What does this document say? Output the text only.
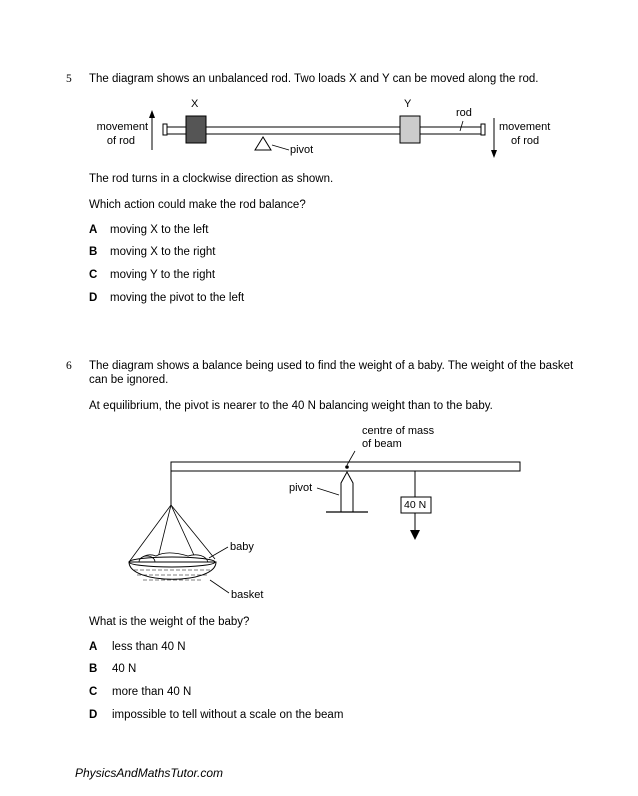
5 The diagram shows an unbalanced rod. Two loads X and Y can be moved along the rod.
X	Y
rod
pivot
movement
of rod
movement
of rod
The rod turns in a clockwise direction as shown.
Which action could make the rod balance?
A moving X to the left
B moving X to the right
C moving Y to the right
D moving the pivot to the left
6 The diagram shows a balance being used to find the weight of a baby. The weight of the basket
can be ignored.
At equilibrium, the pivot is nearer to the 40 N balancing weight than to the baby.
centre of mass
of beam
pivot
40 N
baby
basket
What is the weight of the baby?
A less than 40 N
B 40 N
C more than 40 N
D impossible to tell without a scale on the beam
PhysicsAndMathsTutor.com
